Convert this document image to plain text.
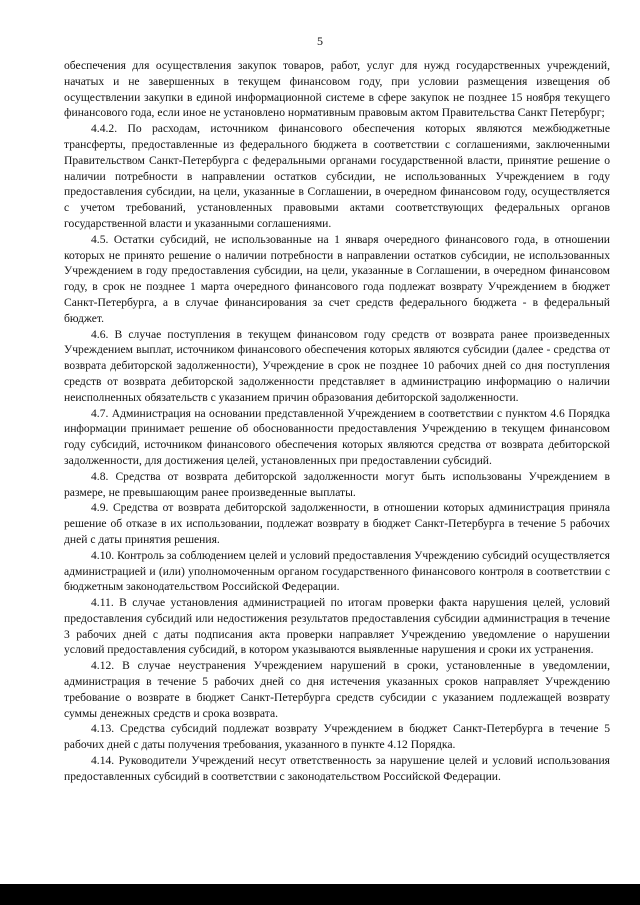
5

обеспечения для осуществления закупок товаров, работ, услуг для нужд государственных учреждений, начатых и не завершенных в текущем финансовом году, при условии размещения извещения об осуществлении закупки в единой информационной системе в сфере закупок не позднее 15 ноября текущего финансового года, если иное не установлено нормативным правовым актом Правительства Санкт Петербург;

4.4.2. По расходам, источником финансового обеспечения которых являются межбюджетные трансферты, предоставленные из федерального бюджета в соответствии с соглашениями, заключенными Правительством Санкт-Петербурга с федеральными органами государственной власти, принятие решение о наличии потребности в направлении остатков субсидии, не использованных Учреждением в году предоставления субсидии, на цели, указанные в Соглашении, в очередном финансовом году, осуществляется с учетом требований, установленных правовыми актами соответствующих федеральных органов государственной власти и указанными соглашениями.

4.5. Остатки субсидий, не использованные на 1 января очередного финансового года, в отношении которых не принято решение о наличии потребности в направлении остатков субсидии, не использованных Учреждением в году предоставления субсидии, на цели, указанные в Соглашении, в очередном финансовом году, в срок не позднее 1 марта очередного финансового года подлежат возврату Учреждением в бюджет Санкт-Петербурга, а в случае финансирования за счет средств федерального бюджета - в федеральный бюджет.

4.6. В случае поступления в текущем финансовом году средств от возврата ранее произведенных Учреждением выплат, источником финансового обеспечения которых являются субсидии (далее - средства от возврата дебиторской задолженности), Учреждение в срок не позднее 10 рабочих дней со дня поступления средств от возврата дебиторской задолженности представляет в администрацию информацию о наличии неисполненных обязательств с указанием причин образования дебиторской задолженности.

4.7. Администрация на основании представленной Учреждением в соответствии с пунктом 4.6 Порядка информации принимает решение об обоснованности предоставления Учреждению в текущем финансовом году субсидий, источником финансового обеспечения которых являются средства от возврата дебиторской задолженности, для достижения целей, установленных при предоставлении субсидий.

4.8. Средства от возврата дебиторской задолженности могут быть использованы Учреждением в размере, не превышающим ранее произведенные выплаты.

4.9. Средства от возврата дебиторской задолженности, в отношении которых администрация приняла решение об отказе в их использовании, подлежат возврату в бюджет Санкт-Петербурга в течение 5 рабочих дней с даты принятия решения.

4.10. Контроль за соблюдением целей и условий предоставления Учреждению субсидий осуществляется администрацией и (или) уполномоченным органом государственного финансового контроля в соответствии с бюджетным законодательством Российской Федерации.

4.11. В случае установления администрацией по итогам проверки факта нарушения целей, условий предоставления субсидий или недостижения результатов предоставления субсидии администрация в течение 3 рабочих дней с даты подписания акта проверки направляет Учреждению уведомление о нарушении условий предоставления субсидий, в котором указываются выявленные нарушения и сроки их устранения.

4.12. В случае неустранения Учреждением нарушений в сроки, установленные в уведомлении, администрация в течение 5 рабочих дней со дня истечения указанных сроков направляет Учреждению требование о возврате в бюджет Санкт-Петербурга средств субсидии с указанием подлежащей возврату суммы денежных средств и срока возврата.

4.13. Средства субсидий подлежат возврату Учреждением в бюджет Санкт-Петербурга в течение 5 рабочих дней с даты получения требования, указанного в пункте 4.12 Порядка.

4.14. Руководители Учреждений несут ответственность за нарушение целей и условий использования предоставленных субсидий в соответствии с законодательством Российской Федерации.
